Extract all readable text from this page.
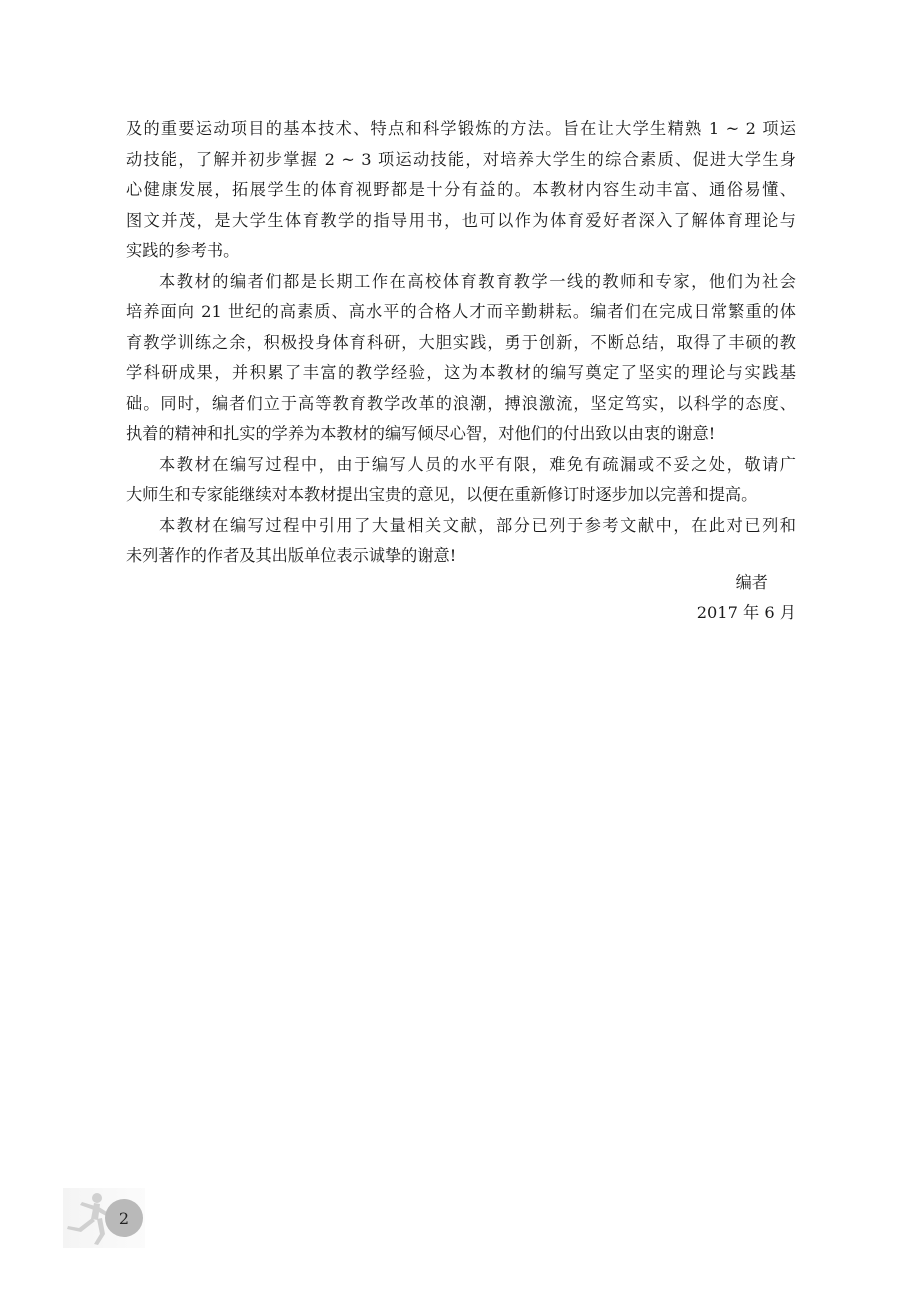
及的重要运动项目的基本技术、特点和科学锻炼的方法。旨在让大学生精熟 1 ~ 2 项运
动技能，了解并初步掌握 2 ~ 3 项运动技能，对培养大学生的综合素质、促进大学生身
心健康发展，拓展学生的体育视野都是十分有益的。本教材内容生动丰富、通俗易懂、
图文并茂，是大学生体育教学的指导用书，也可以作为体育爱好者深入了解体育理论与
实践的参考书。
本教材的编者们都是长期工作在高校体育教育教学一线的教师和专家，他们为社会
培养面向 21 世纪的高素质、高水平的合格人才而辛勤耕耘。编者们在完成日常繁重的体
育教学训练之余，积极投身体育科研，大胆实践，勇于创新，不断总结，取得了丰硕的教
学科研成果，并积累了丰富的教学经验，这为本教材的编写奠定了坚实的理论与实践基
础。同时，编者们立于高等教育教学改革的浪潮，搏浪激流，坚定笃实，以科学的态度、
执着的精神和扎实的学养为本教材的编写倾尽心智，对他们的付出致以由衷的谢意!
本教材在编写过程中，由于编写人员的水平有限，难免有疏漏或不妥之处，敬请广
大师生和专家能继续对本教材提出宝贵的意见，以便在重新修订时逐步加以完善和提高。
本教材在编写过程中引用了大量相关文献，部分已列于参考文献中，在此对已列和
未列著作的作者及其出版单位表示诚挚的谢意!
编者
2017 年 6 月
2
